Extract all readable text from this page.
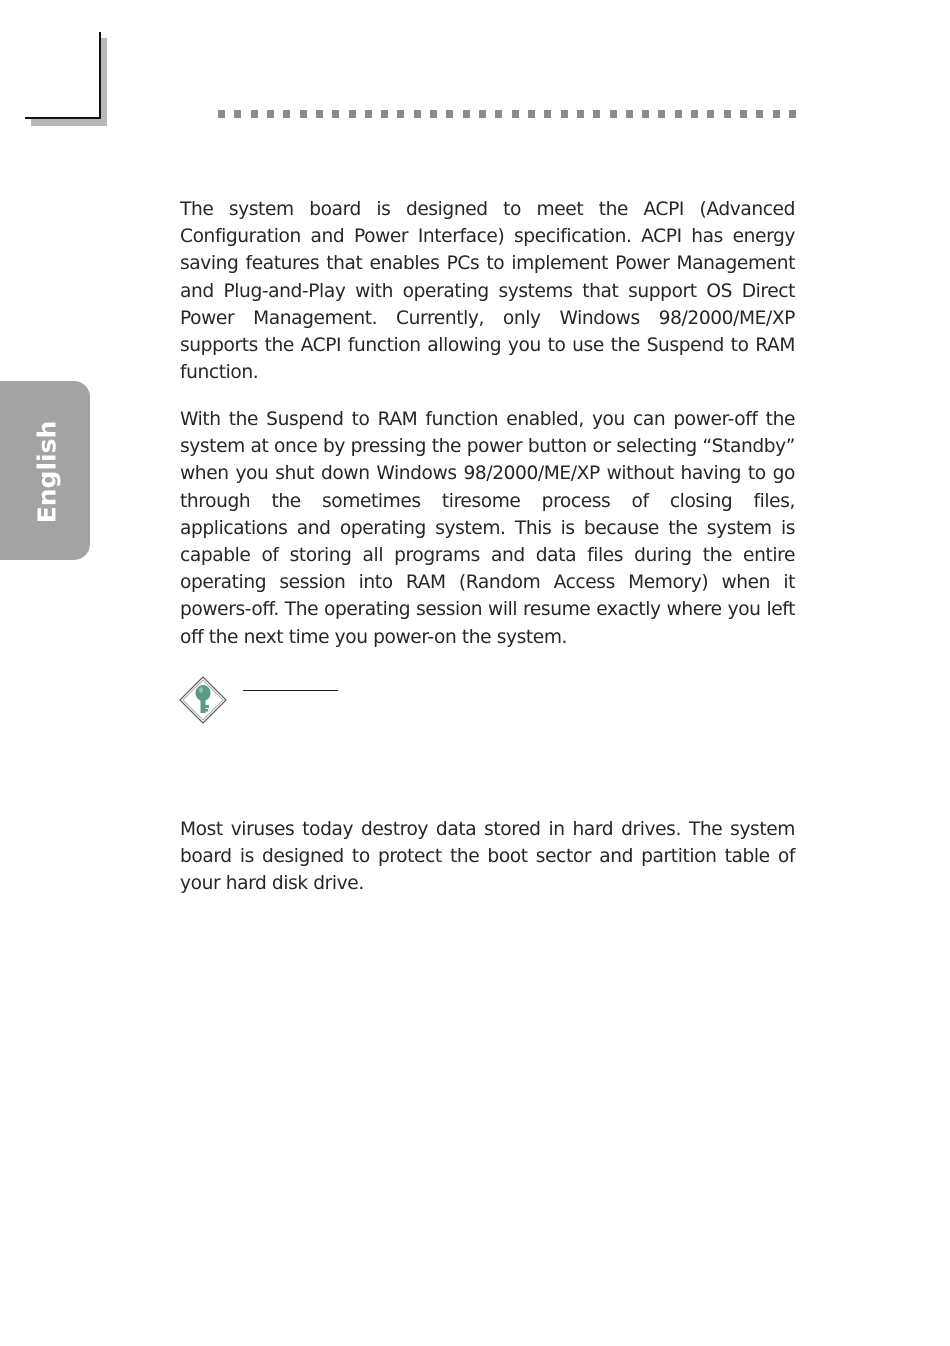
English

The system board is designed to meet the ACPI (Advanced Configuration and Power Interface) specification. ACPI has energy saving features that enables PCs to implement Power Management and Plug-and-Play with operating systems that support OS Direct Power Management. Currently, only Windows 98/2000/ME/XP supports the ACPI function allowing you to use the Suspend to RAM function.

With the Suspend to RAM function enabled, you can power-off the system at once by pressing the power button or selecting “Standby” when you shut down Windows 98/2000/ME/XP without having to go through the sometimes tiresome process of closing files, applications and operating system. This is because the system is capable of storing all programs and data files during the entire operating session into RAM (Random Access Memory) when it powers-off. The operating session will resume exactly where you left off the next time you power-on the system.

Most viruses today destroy data stored in hard drives. The system board is designed to protect the boot sector and partition table of your hard disk drive.
